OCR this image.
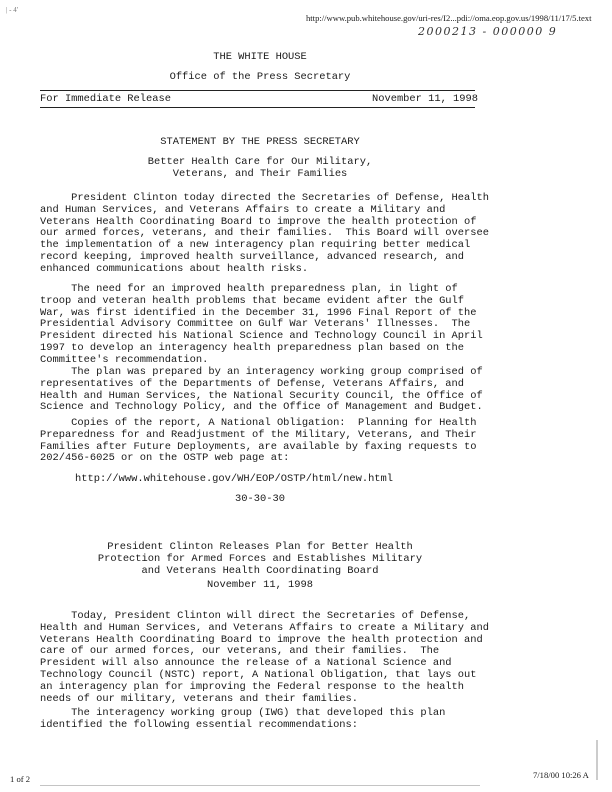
| - 4'
http://www.pub.whitehouse.gov/uri-res/I2...pdi://oma.eop.gov.us/1998/11/17/5.text
2000213 - 000000 9
THE WHITE HOUSE
Office of the Press Secretary
For Immediate Release	November 11, 1998
STATEMENT BY THE PRESS SECRETARY
Better Health Care for Our Military,
Veterans, and Their Families
President Clinton today directed the Secretaries of Defense, Health
and Human Services, and Veterans Affairs to create a Military and
Veterans Health Coordinating Board to improve the health protection of
our armed forces, veterans, and their families.  This Board will oversee
the implementation of a new interagency plan requiring better medical
record keeping, improved health surveillance, advanced research, and
enhanced communications about health risks.
The need for an improved health preparedness plan, in light of
troop and veteran health problems that became evident after the Gulf
War, was first identified in the December 31, 1996 Final Report of the
Presidential Advisory Committee on Gulf War Veterans' Illnesses.  The
President directed his National Science and Technology Council in April
1997 to develop an interagency health preparedness plan based on the
Committee's recommendation.
The plan was prepared by an interagency working group comprised of
representatives of the Departments of Defense, Veterans Affairs, and
Health and Human Services, the National Security Council, the Office of
Science and Technology Policy, and the Office of Management and Budget.
Copies of the report, A National Obligation:  Planning for Health
Preparedness for and Readjustment of the Military, Veterans, and Their
Families after Future Deployments, are available by faxing requests to
202/456-6025 or on the OSTP web page at:
http://www.whitehouse.gov/WH/EOP/OSTP/html/new.html
30-30-30
President Clinton Releases Plan for Better Health
Protection for Armed Forces and Establishes Military
and Veterans Health Coordinating Board
November 11, 1998
Today, President Clinton will direct the Secretaries of Defense,
Health and Human Services, and Veterans Affairs to create a Military and
Veterans Health Coordinating Board to improve the health protection and
care of our armed forces, our veterans, and their families.  The
President will also announce the release of a National Science and
Technology Council (NSTC) report, A National Obligation, that lays out
an interagency plan for improving the Federal response to the health
needs of our military, veterans and their families.
The interagency working group (IWG) that developed this plan
identified the following essential recommendations:
1 of 2	7/18/00 10:26 A
